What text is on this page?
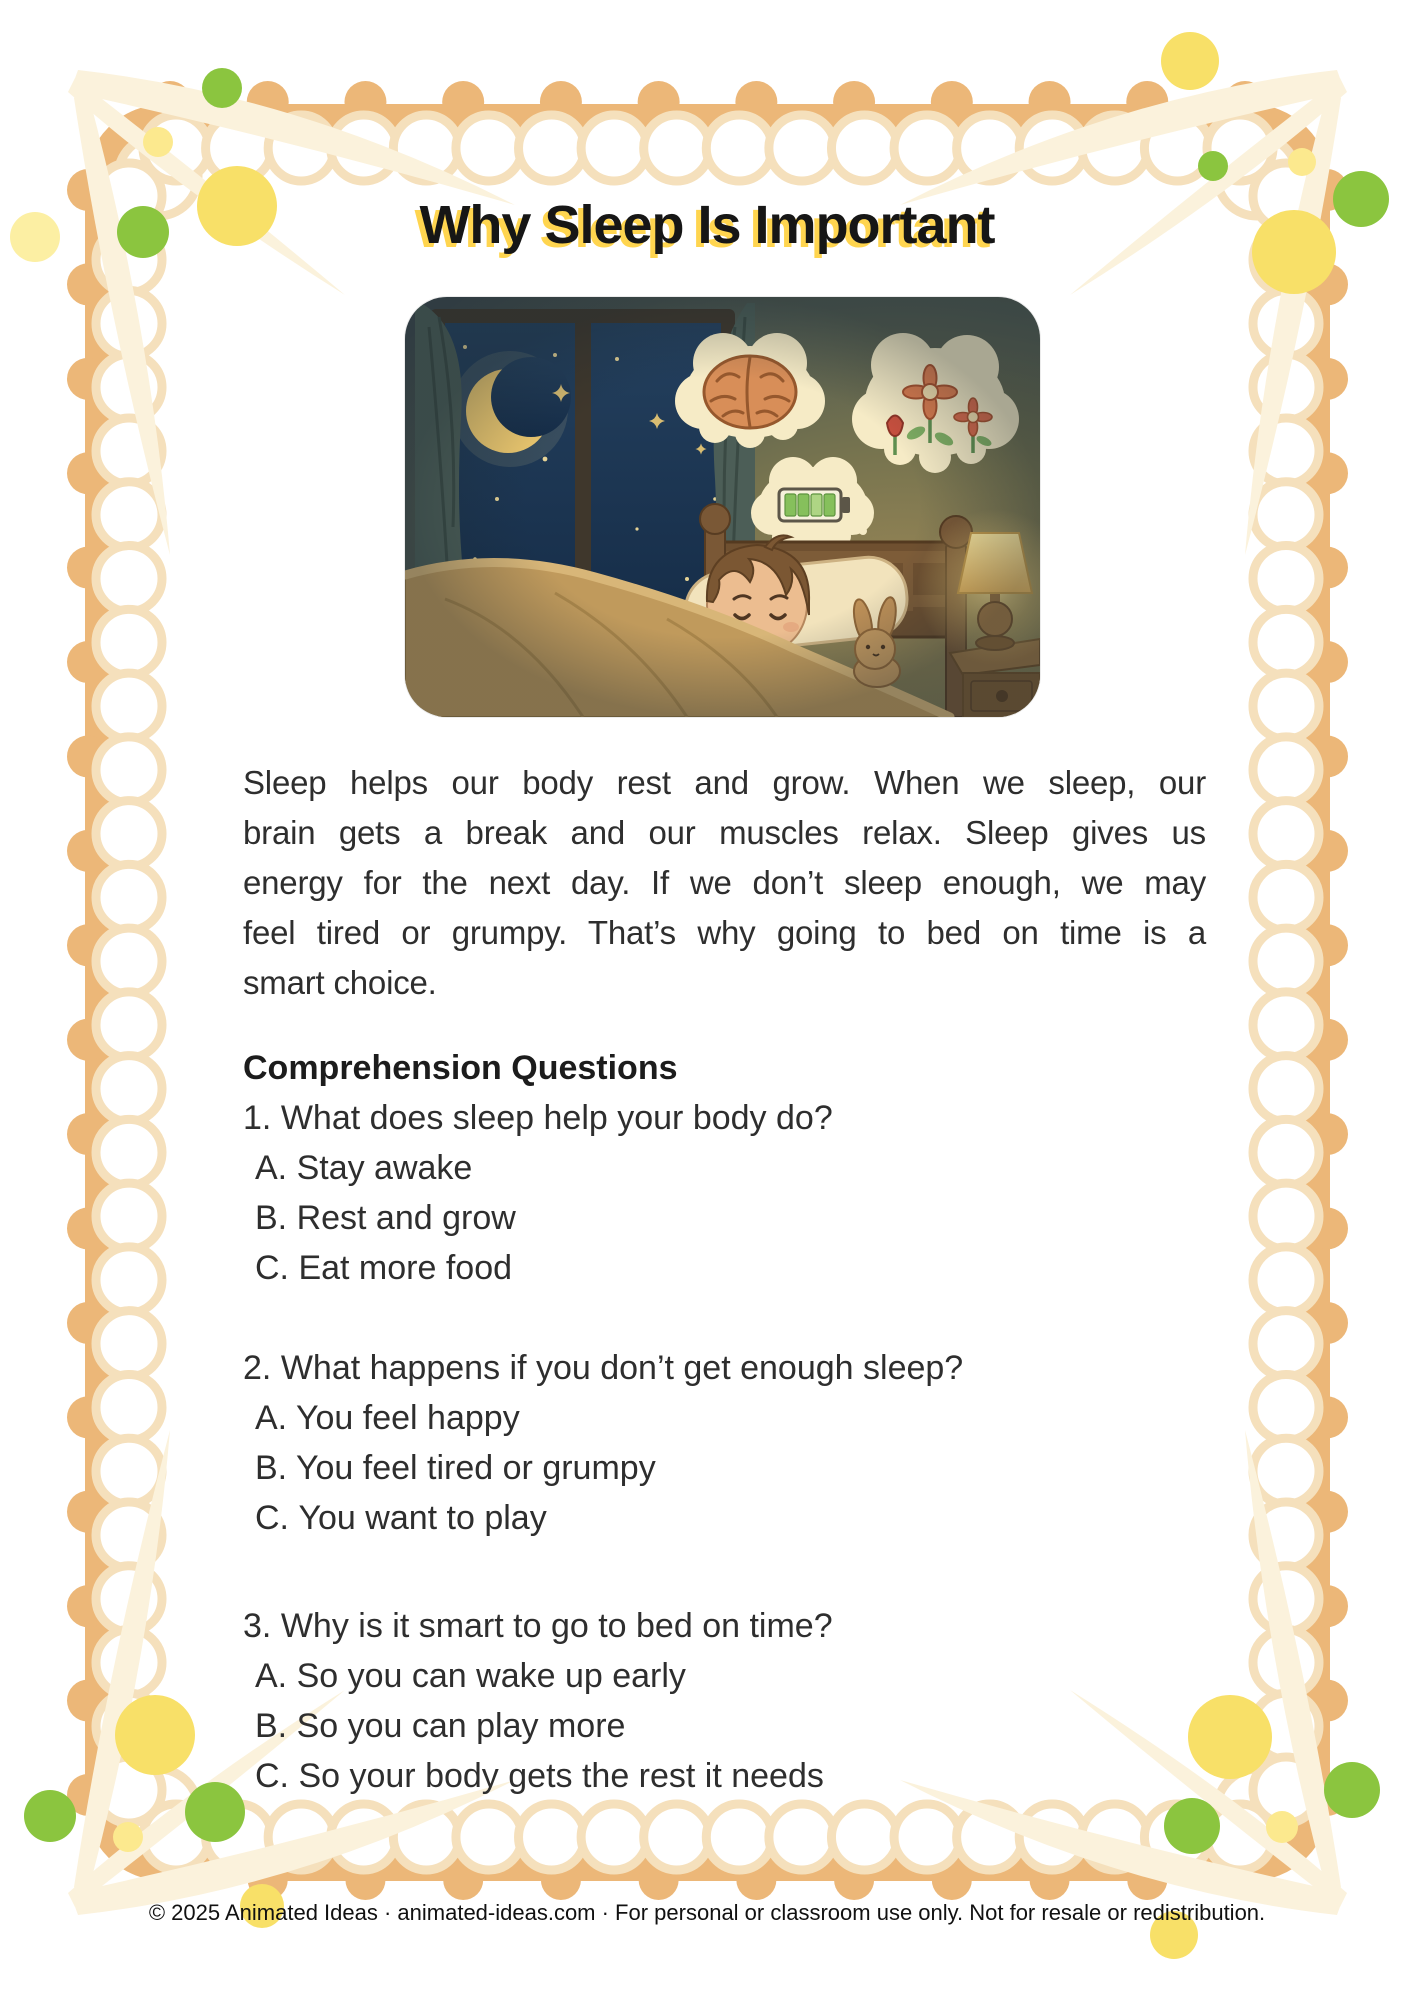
Why Sleep Is Important
Sleep helps our body rest and grow. When we sleep, our
brain gets a break and our muscles relax. Sleep gives us
energy for the next day. If we don’t sleep enough, we may
feel tired or grumpy. That’s why going to bed on time is a
smart choice.
Comprehension Questions
1. What does sleep help your body do?
A. Stay awake
B. Rest and grow
C. Eat more food
2. What happens if you don’t get enough sleep?
A. You feel happy
B. You feel tired or grumpy
C. You want to play
3. Why is it smart to go to bed on time?
A. So you can wake up early
B. So you can play more
C. So your body gets the rest it needs
© 2025 Animated Ideas · animated-ideas.com · For personal or classroom use only. Not for resale or redistribution.
